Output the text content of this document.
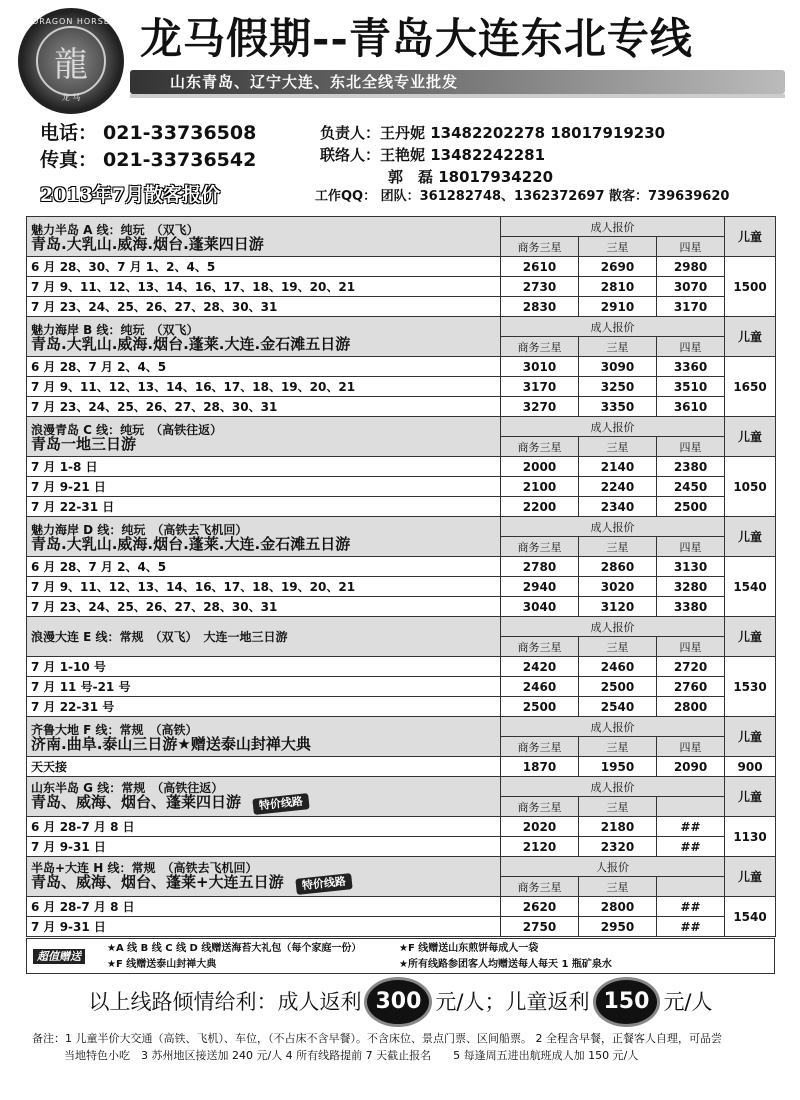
DRAGON HORSE
龍
龙 马
龙马假期--青岛大连东北专线
山东青岛、辽宁大连、东北全线专业批发
电话： 021-33736508
传真： 021-33736542
负责人：王丹妮 13482202278 18017919230
联络人：王艳妮 13482242281
郭　磊 18017934220
2013年7月散客报价	工作QQ： 团队：361282748、1362372697 散客：739639620
魅力半岛 A 线：纯玩　（双飞）
青岛.大乳山.威海.烟台.蓬莱四日游	成人报价			儿童
	商务三星	三星	四星	
6 月 28、30、7 月 1、2、4、5	2610	2690	2980	1500
7 月 9、11、12、13、14、16、17、18、19、20、21	2730	2810	3070	
7 月 23、24、25、26、27、28、30、31	2830	2910	3170	

魅力海岸 B 线：纯玩　（双飞）
青岛.大乳山.威海.烟台.蓬莱.大连.金石滩五日游	成人报价			儿童
	商务三星	三星	四星	
6 月 28、7 月 2、4、5	3010	3090	3360	1650
7 月 9、11、12、13、14、16、17、18、19、20、21	3170	3250	3510	
7 月 23、24、25、26、27、28、30、31	3270	3350	3610	

浪漫青岛 C 线：纯玩　（高铁往返）
青岛一地三日游	成人报价			儿童
	商务三星	三星	四星	
7 月 1-8 日	2000	2140	2380	1050
7 月 9-21 日	2100	2240	2450	
7 月 22-31 日	2200	2340	2500	

魅力海岸 D 线：纯玩　（高铁去飞机回）
青岛.大乳山.威海.烟台.蓬莱.大连.金石滩五日游	成人报价			儿童
	商务三星	三星	四星	
6 月 28、7 月 2、4、5	2780	2860	3130	1540
7 月 9、11、12、13、14、16、17、18、19、20、21	2940	3020	3280	
7 月 23、24、25、26、27、28、30、31	3040	3120	3380	

浪漫大连 E 线：常规　（双飞）　大连一地三日游	成人报价			儿童
	商务三星	三星	四星	
7 月 1-10 号	2420	2460	2720	1530
7 月 11 号-21 号	2460	2500	2760	
7 月 22-31 号	2500	2540	2800	

齐鲁大地 F 线：常规　（高铁）
济南.曲阜.泰山三日游★赠送泰山封禅大典	成人报价			儿童
	商务三星	三星	四星	
天天接	1870	1950	2090	900

山东半岛 G 线：常规　（高铁往返）
青岛、威海、烟台、蓬莱四日游 特价线路	成人报价			儿童
	商务三星	三星		
6 月 28-7 月 8 日	2020	2180	##	1130
7 月 9-31 日	2120	2320	##	

半岛+大连 H 线：常规　（高铁去飞机回）
青岛、威海、烟台、蓬莱+大连五日游 特价线路	人报价			儿童
	商务三星	三星		
6 月 28-7 月 8 日	2620	2800	##	1540
7 月 9-31 日	2750	2950	##	
超值赠送
★A 线 B 线 C 线 D 线赠送海苔大礼包（每个家庭一份）
★F 线赠送泰山封禅大典
★F 线赠送山东煎饼每成人一袋
★所有线路参团客人均赠送每人每天 1 瓶矿泉水
以上线路倾情给利：成人返利 300 元/人；儿童返利 150 元/人
备注：1 儿童半价大交通（高铁、飞机）、车位，（不占床不含早餐）。不含床位、景点门票、区间船票。 2 全程含早餐，正餐客人自理，可品尝
当地特色小吃　3 苏州地区接送加 240 元/人 4 所有线路提前 7 天截止报名　　5 每逢周五进出航班成人加 150 元/人
